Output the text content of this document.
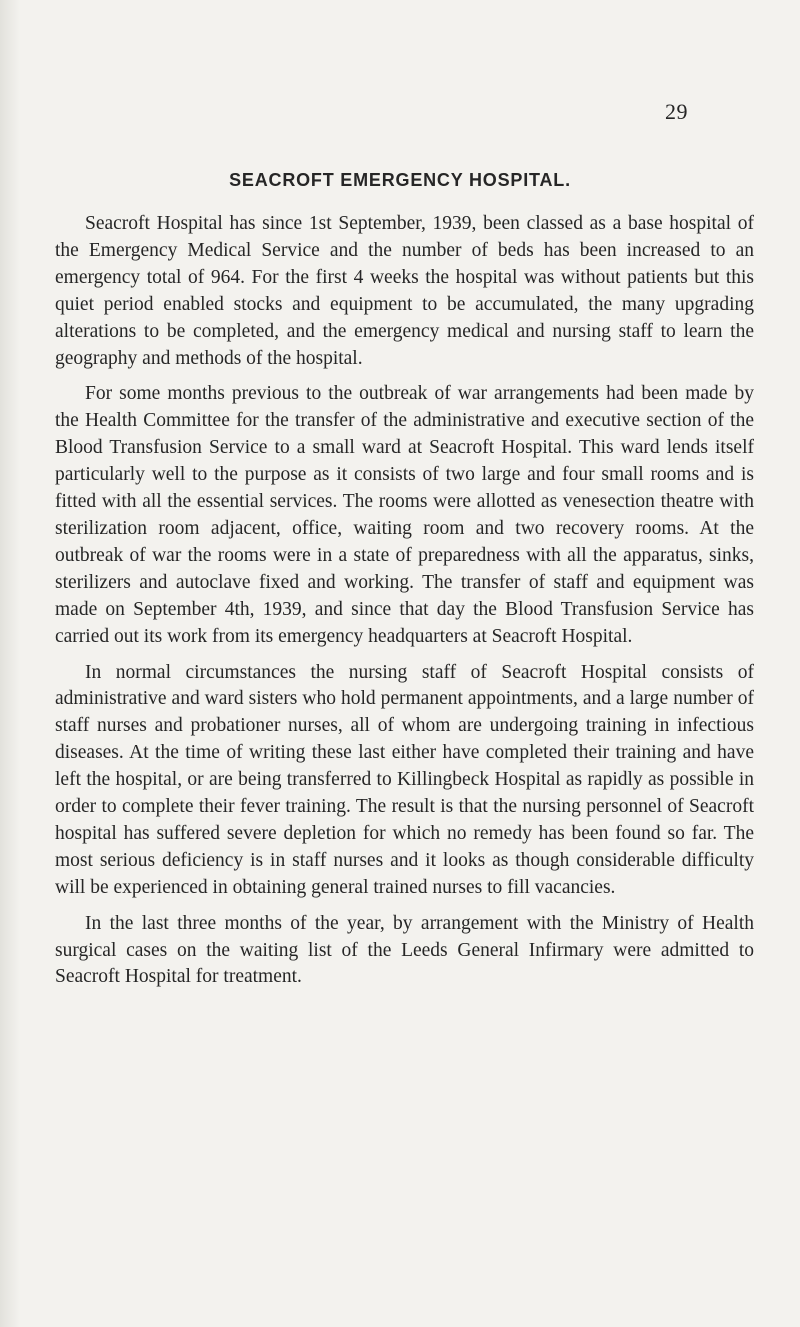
29
SEACROFT EMERGENCY HOSPITAL.

Seacroft Hospital has since 1st September, 1939, been classed as a base hospital of the Emergency Medical Service and the number of beds has been increased to an emergency total of 964. For the first 4 weeks the hospital was without patients but this quiet period enabled stocks and equipment to be accumulated, the many upgrading alterations to be completed, and the emergency medical and nursing staff to learn the geography and methods of the hospital.

For some months previous to the outbreak of war arrangements had been made by the Health Committee for the transfer of the administrative and executive section of the Blood Transfusion Service to a small ward at Seacroft Hospital. This ward lends itself particularly well to the purpose as it consists of two large and four small rooms and is fitted with all the essential services. The rooms were allotted as venesection theatre with sterilization room adjacent, office, waiting room and two recovery rooms. At the outbreak of war the rooms were in a state of preparedness with all the apparatus, sinks, sterilizers and autoclave fixed and working. The transfer of staff and equipment was made on September 4th, 1939, and since that day the Blood Transfusion Service has carried out its work from its emergency headquarters at Seacroft Hospital.

In normal circumstances the nursing staff of Seacroft Hospital consists of administrative and ward sisters who hold permanent appointments, and a large number of staff nurses and probationer nurses, all of whom are undergoing training in infectious diseases. At the time of writing these last either have completed their training and have left the hospital, or are being transferred to Killingbeck Hospital as rapidly as possible in order to complete their fever training. The result is that the nursing personnel of Seacroft hospital has suffered severe depletion for which no remedy has been found so far. The most serious deficiency is in staff nurses and it looks as though considerable difficulty will be experienced in obtaining general trained nurses to fill vacancies.

In the last three months of the year, by arrangement with the Ministry of Health surgical cases on the waiting list of the Leeds General Infirmary were admitted to Seacroft Hospital for treatment.
